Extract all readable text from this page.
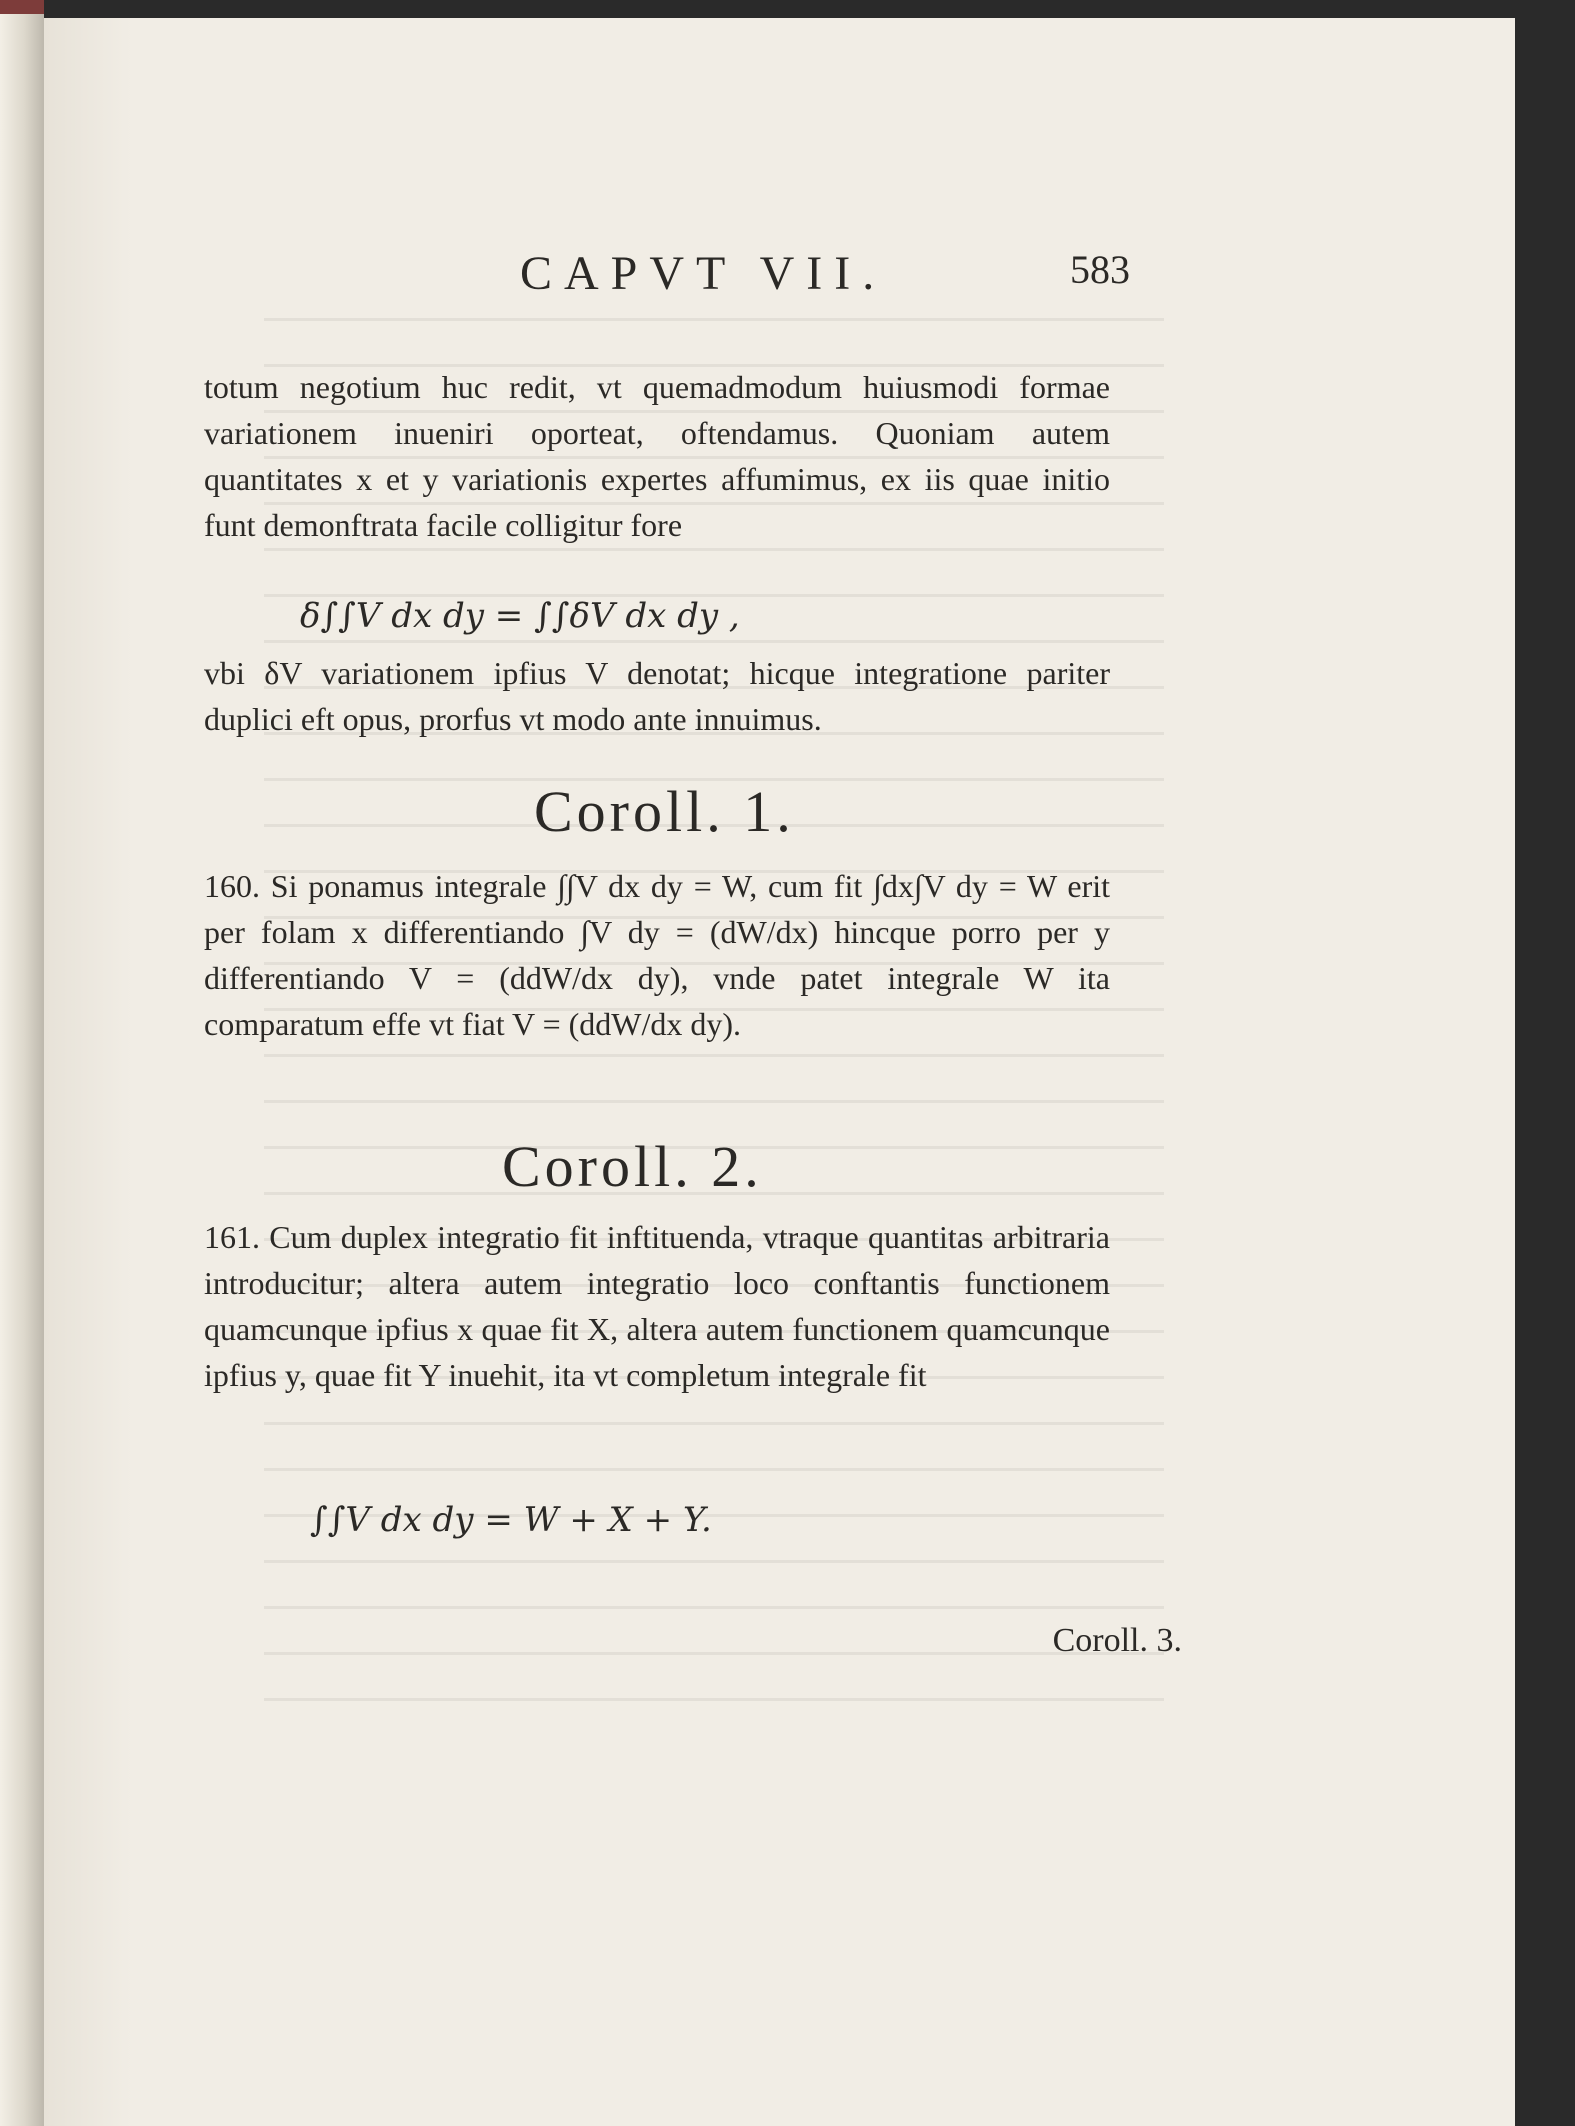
CAPVT VII.	583

totum negotium huc redit, vt quemadmodum huiusmodi formae variationem inueniri oporteat, oftendamus. Quoniam autem quantitates x et y variationis expertes affumimus, ex iis quae initio funt demonftrata facile colligitur fore

δ∫∫V dx dy = ∫∫δV dx dy ,

vbi δV variationem ipfius V denotat; hicque integratione pariter duplici eft opus, prorfus vt modo ante innuimus.

Coroll. 1.

160. Si ponamus integrale ∫∫V dx dy = W, cum fit ∫dx∫V dy = W erit per folam x differentiando ∫V dy = (dW/dx) hincque porro per y differentiando V = (ddW/dx dy), vnde patet integrale W ita comparatum effe vt fiat V = (ddW/dx dy).

Coroll. 2.

161. Cum duplex integratio fit inftituenda, vtraque quantitas arbitraria introducitur; altera autem integratio loco conftantis functionem quamcunque ipfius x quae fit X, altera autem functionem quamcunque ipfius y, quae fit Y inuehit, ita vt completum integrale fit

∫∫V dx dy = W + X + Y.
Coroll. 3.
